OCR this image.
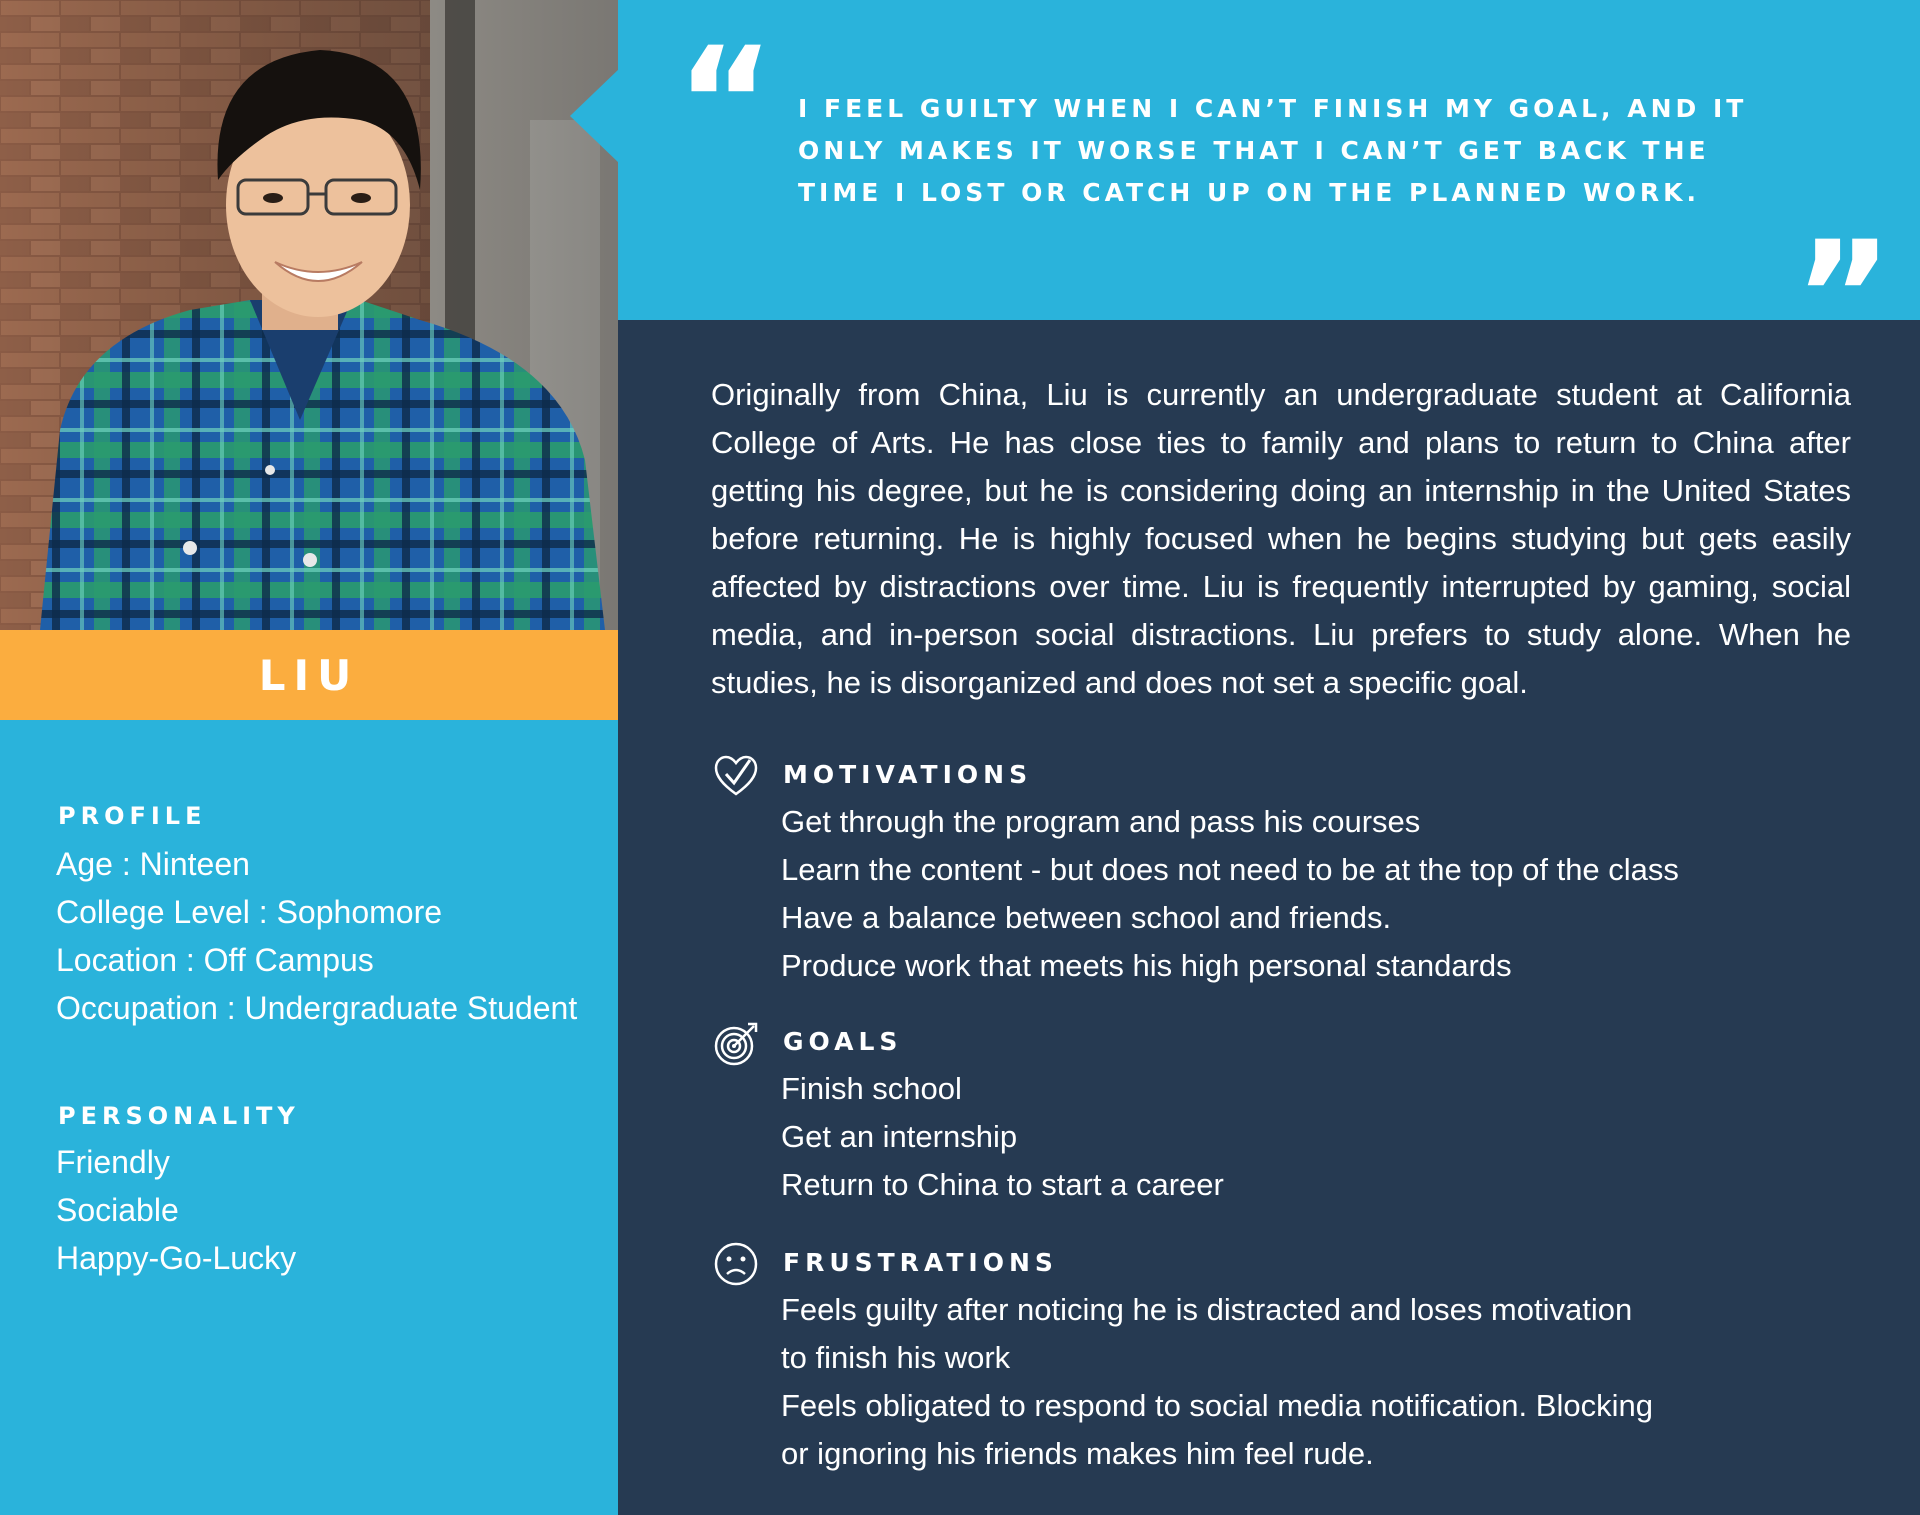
LIU
PROFILE
Age : Ninteen
College Level : Sophomore
Location : Off Campus
Occupation : Undergraduate Student
PERSONALITY
Friendly
Sociable
Happy-Go-Lucky
“
”
I FEEL GUILTY WHEN I CAN’T FINISH MY GOAL, AND IT ONLY MAKES IT WORSE THAT I CAN’T GET BACK THE TIME I LOST OR CATCH UP ON THE PLANNED WORK.
Originally from China, Liu is currently an undergraduate student at California College of Arts. He has close ties to family and plans to return to China after getting his degree, but he is considering doing an internship in the United States before returning. He is highly focused when he begins studying but gets easily affected by distractions over time. Liu is frequently interrupted by gaming, social media, and in-person social distractions. Liu prefers to study alone. When he studies, he is disorganized and does not set a specific goal.
MOTIVATIONS
Get through the program and pass his courses
Learn the content - but does not need to be at the top of the class
Have a balance between school and friends.
Produce work that meets his high personal standards
GOALS
Finish school
Get an internship
Return to China to start a career
FRUSTRATIONS
Feels guilty after noticing he is distracted and loses motivation
to finish his work
Feels obligated to respond to social media notification. Blocking
or ignoring his friends makes him feel rude.
